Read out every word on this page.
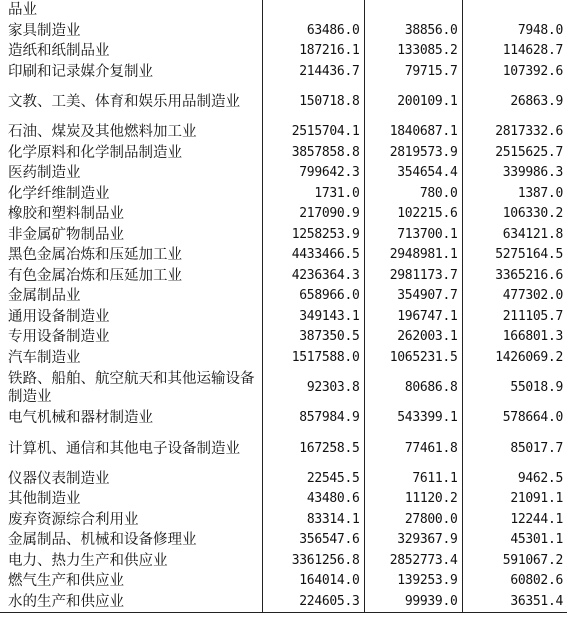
品业			
家具制造业	63486.0	38856.0	7948.0
造纸和纸制品业	187216.1	133085.2	114628.7
印刷和记录媒介复制业	214436.7	79715.7	107392.6
文教、工美、体育和娱乐用品制造业	150718.8	200109.1	26863.9
石油、煤炭及其他燃料加工业	2515704.1	1840687.1	2817332.6
化学原料和化学制品制造业	3857858.8	2819573.9	2515625.7
医药制造业	799642.3	354654.4	339986.3
化学纤维制造业	1731.0	780.0	1387.0
橡胶和塑料制品业	217090.9	102215.6	106330.2
非金属矿物制品业	1258253.9	713700.1	634121.8
黑色金属冶炼和压延加工业	4433466.5	2948981.1	5275164.5
有色金属冶炼和压延加工业	4236364.3	2981173.7	3365216.6
金属制品业	658966.0	354907.7	477302.0
通用设备制造业	349143.1	196747.1	211105.7
专用设备制造业	387350.5	262003.1	166801.3
汽车制造业	1517588.0	1065231.5	1426069.2
铁路、船舶、航空航天和其他运输设备制造业	92303.8	80686.8	55018.9
电气机械和器材制造业	857984.9	543399.1	578664.0
计算机、通信和其他电子设备制造业	167258.5	77461.8	85017.7
仪器仪表制造业	22545.5	7611.1	9462.5
其他制造业	43480.6	11120.2	21091.1
废弃资源综合利用业	83314.1	27800.0	12244.1
金属制品、机械和设备修理业	356547.6	329367.9	45301.1
电力、热力生产和供应业	3361256.8	2852773.4	591067.2
燃气生产和供应业	164014.0	139253.9	60802.6
水的生产和供应业	224605.3	99939.0	36351.4
